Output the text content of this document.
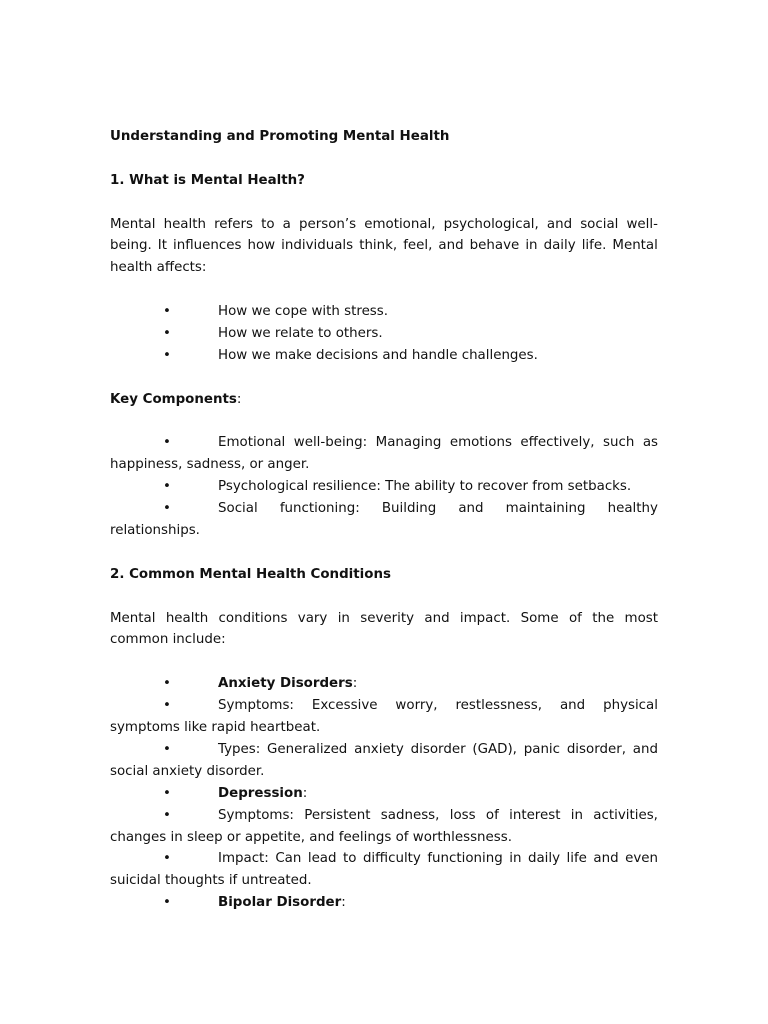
Understanding and Promoting Mental Health
1. What is Mental Health?
Mental health refers to a person’s emotional, psychological, and social well-
being. It influences how individuals think, feel, and behave in daily life. Mental
health affects:
•	How we cope with stress.
•	How we relate to others.
•	How we make decisions and handle challenges.
Key Components:
•	Emotional well-being: Managing emotions effectively, such as
happiness, sadness, or anger.
•	Psychological resilience: The ability to recover from setbacks.
•	Social functioning: Building and maintaining healthy
relationships.
2. Common Mental Health Conditions
Mental health conditions vary in severity and impact. Some of the most
common include:
•	Anxiety Disorders:
•	Symptoms: Excessive worry, restlessness, and physical
symptoms like rapid heartbeat.
•	Types: Generalized anxiety disorder (GAD), panic disorder, and
social anxiety disorder.
•	Depression:
•	Symptoms: Persistent sadness, loss of interest in activities,
changes in sleep or appetite, and feelings of worthlessness.
•	Impact: Can lead to difficulty functioning in daily life and even
suicidal thoughts if untreated.
•	Bipolar Disorder:
